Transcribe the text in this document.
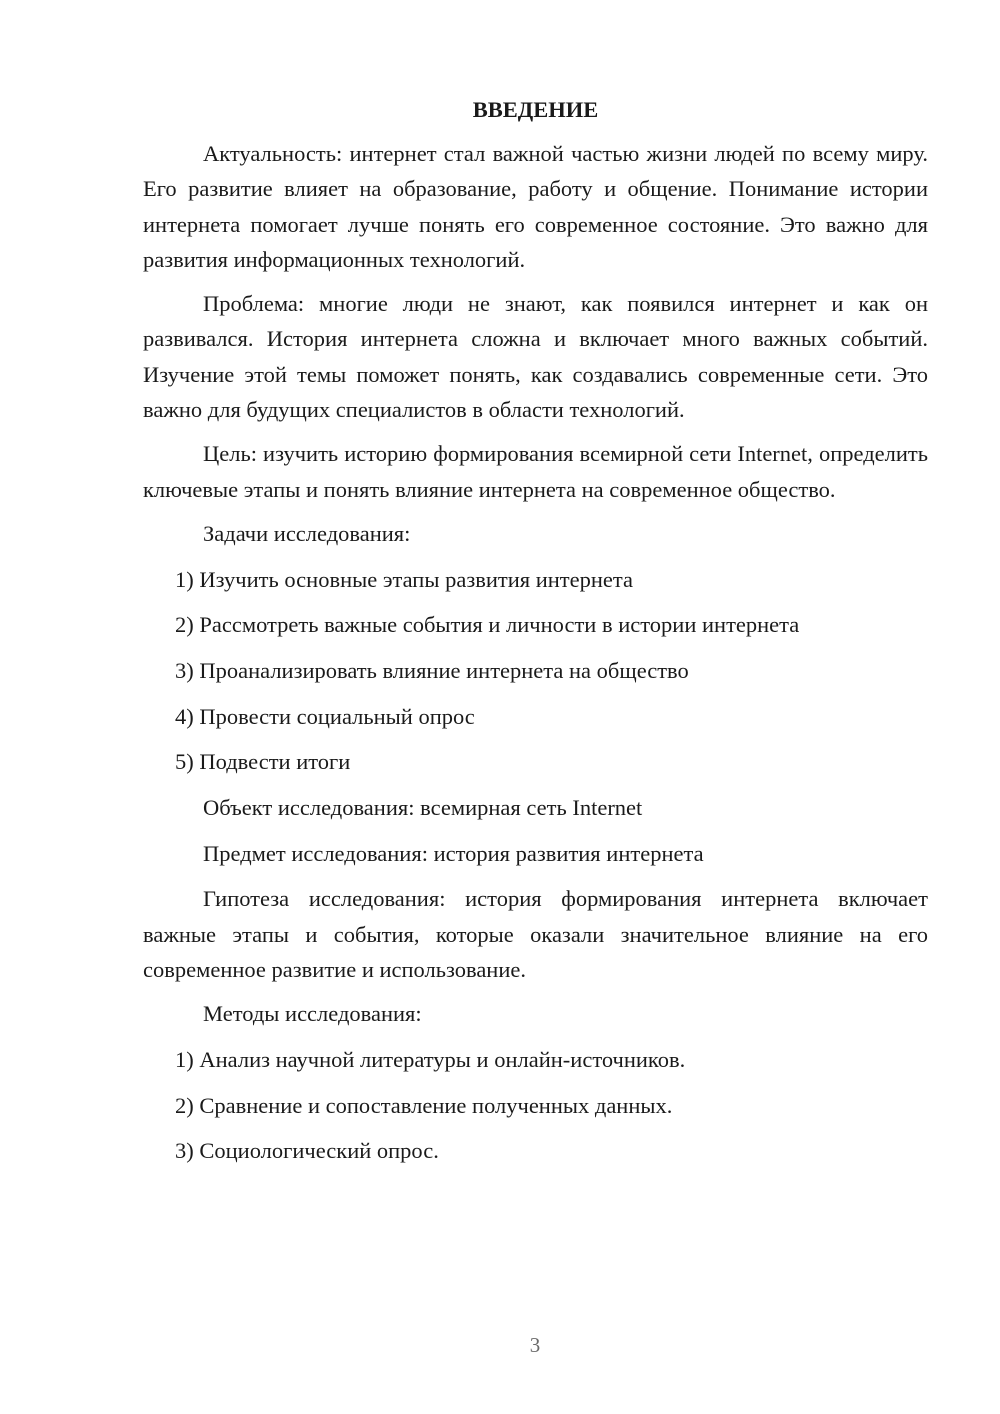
ВВЕДЕНИЕ
Актуальность: интернет стал важной частью жизни людей по всему миру. Его развитие влияет на образование, работу и общение. Понимание истории интернета помогает лучше понять его современное состояние. Это важно для развития информационных технологий.
Проблема: многие люди не знают, как появился интернет и как он развивался. История интернета сложна и включает много важных событий. Изучение этой темы поможет понять, как создавались современные сети. Это важно для будущих специалистов в области технологий.
Цель: изучить историю формирования всемирной сети Internet, определить ключевые этапы и понять влияние интернета на современное общество.
Задачи исследования:
1) Изучить основные этапы развития интернета
2) Рассмотреть важные события и личности в истории интернета
3) Проанализировать влияние интернета на общество
4) Провести социальный опрос
5) Подвести итоги
Объект исследования: всемирная сеть Internet
Предмет исследования: история развития интернета
Гипотеза исследования: история формирования интернета включает важные этапы и события, которые оказали значительное влияние на его современное развитие и использование.
Методы исследования:
1) Анализ научной литературы и онлайн-источников.
2) Сравнение и сопоставление полученных данных.
3) Социологический опрос.
3
